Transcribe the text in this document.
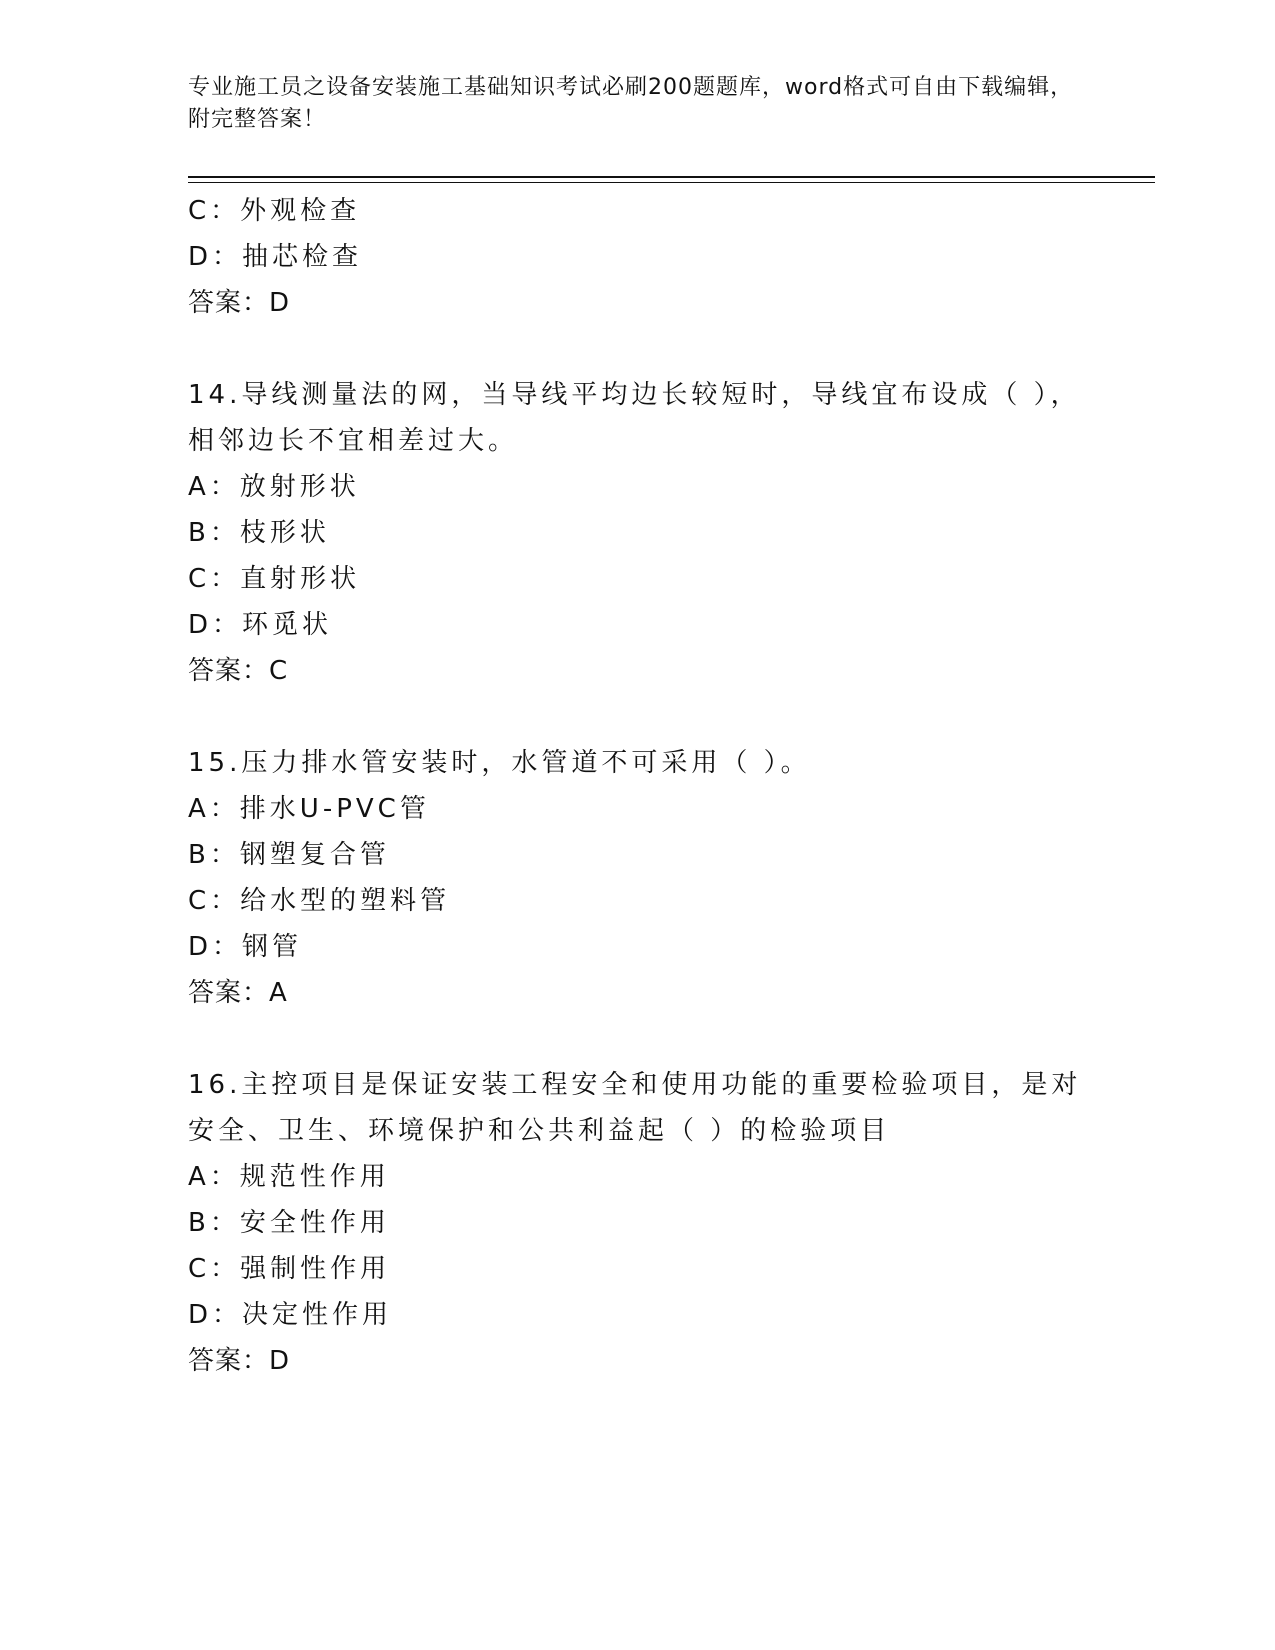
专业施工员之设备安装施工基础知识考试必刷200题题库，word格式可自由下载编辑，附完整答案！
C：外观检查
D：抽芯检查
答案：D
14.导线测量法的网，当导线平均边长较短时，导线宜布设成（ ），相邻边长不宜相差过大。
A：放射形状
B：枝形状
C：直射形状
D：环觅状
答案：C
15.压力排水管安装时，水管道不可采用（ ）。
A：排水U-PVC管
B：钢塑复合管
C：给水型的塑料管
D：钢管
答案：A
16.主控项目是保证安装工程安全和使用功能的重要检验项目，是对安全、卫生、环境保护和公共利益起（ ）的检验项目
A：规范性作用
B：安全性作用
C：强制性作用
D：决定性作用
答案：D
